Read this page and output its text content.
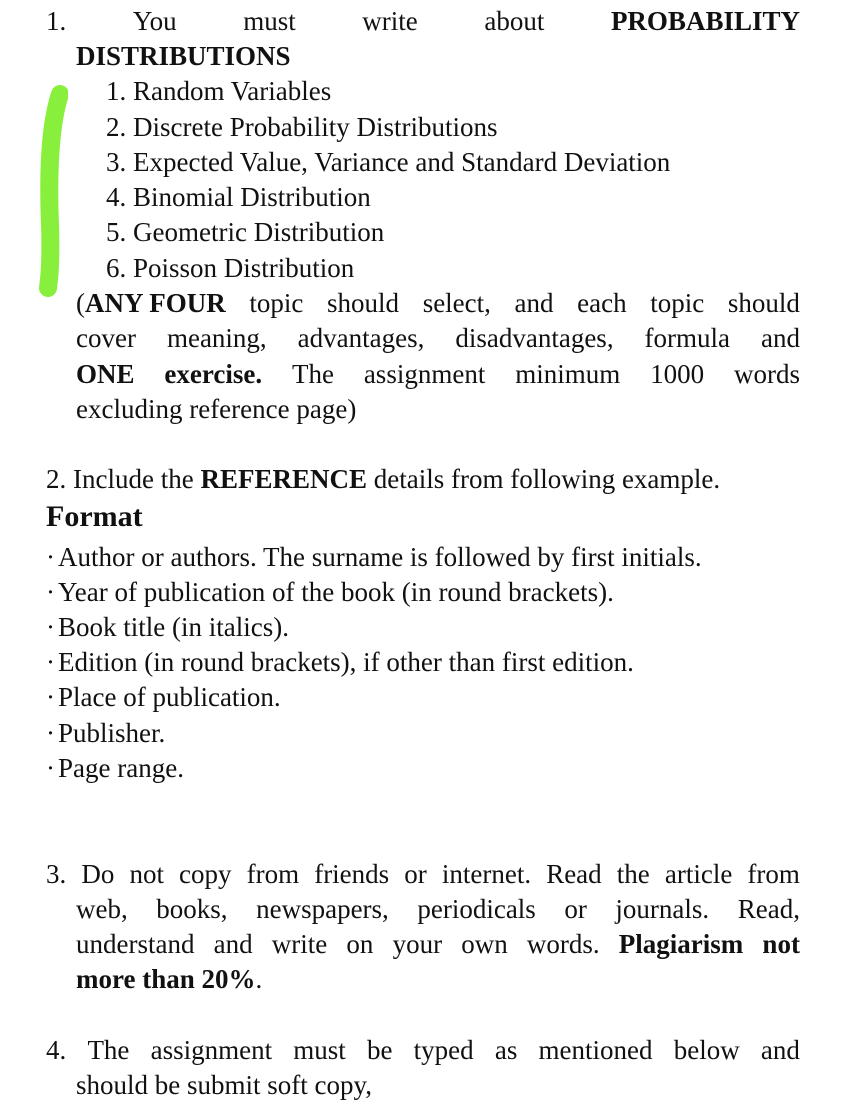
1. You must write about PROBABILITY
DISTRIBUTIONS
1. Random Variables
2. Discrete Probability Distributions
3. Expected Value, Variance and Standard Deviation
4. Binomial Distribution
5. Geometric Distribution
6. Poisson Distribution
(ANY FOUR topic should select, and each topic should
cover meaning, advantages, disadvantages, formula and
ONE exercise. The assignment minimum 1000 words
excluding reference page)
2. Include the REFERENCE details from following example.
Format
· Author or authors. The surname is followed by first initials.
· Year of publication of the book (in round brackets).
· Book title (in italics).
· Edition (in round brackets), if other than first edition.
· Place of publication.
· Publisher.
· Page range.
3. Do not copy from friends or internet. Read the article from
web, books, newspapers, periodicals or journals. Read,
understand and write on your own words. Plagiarism not
more than 20%.
4. The assignment must be typed as mentioned below and
should be submit soft copy,
